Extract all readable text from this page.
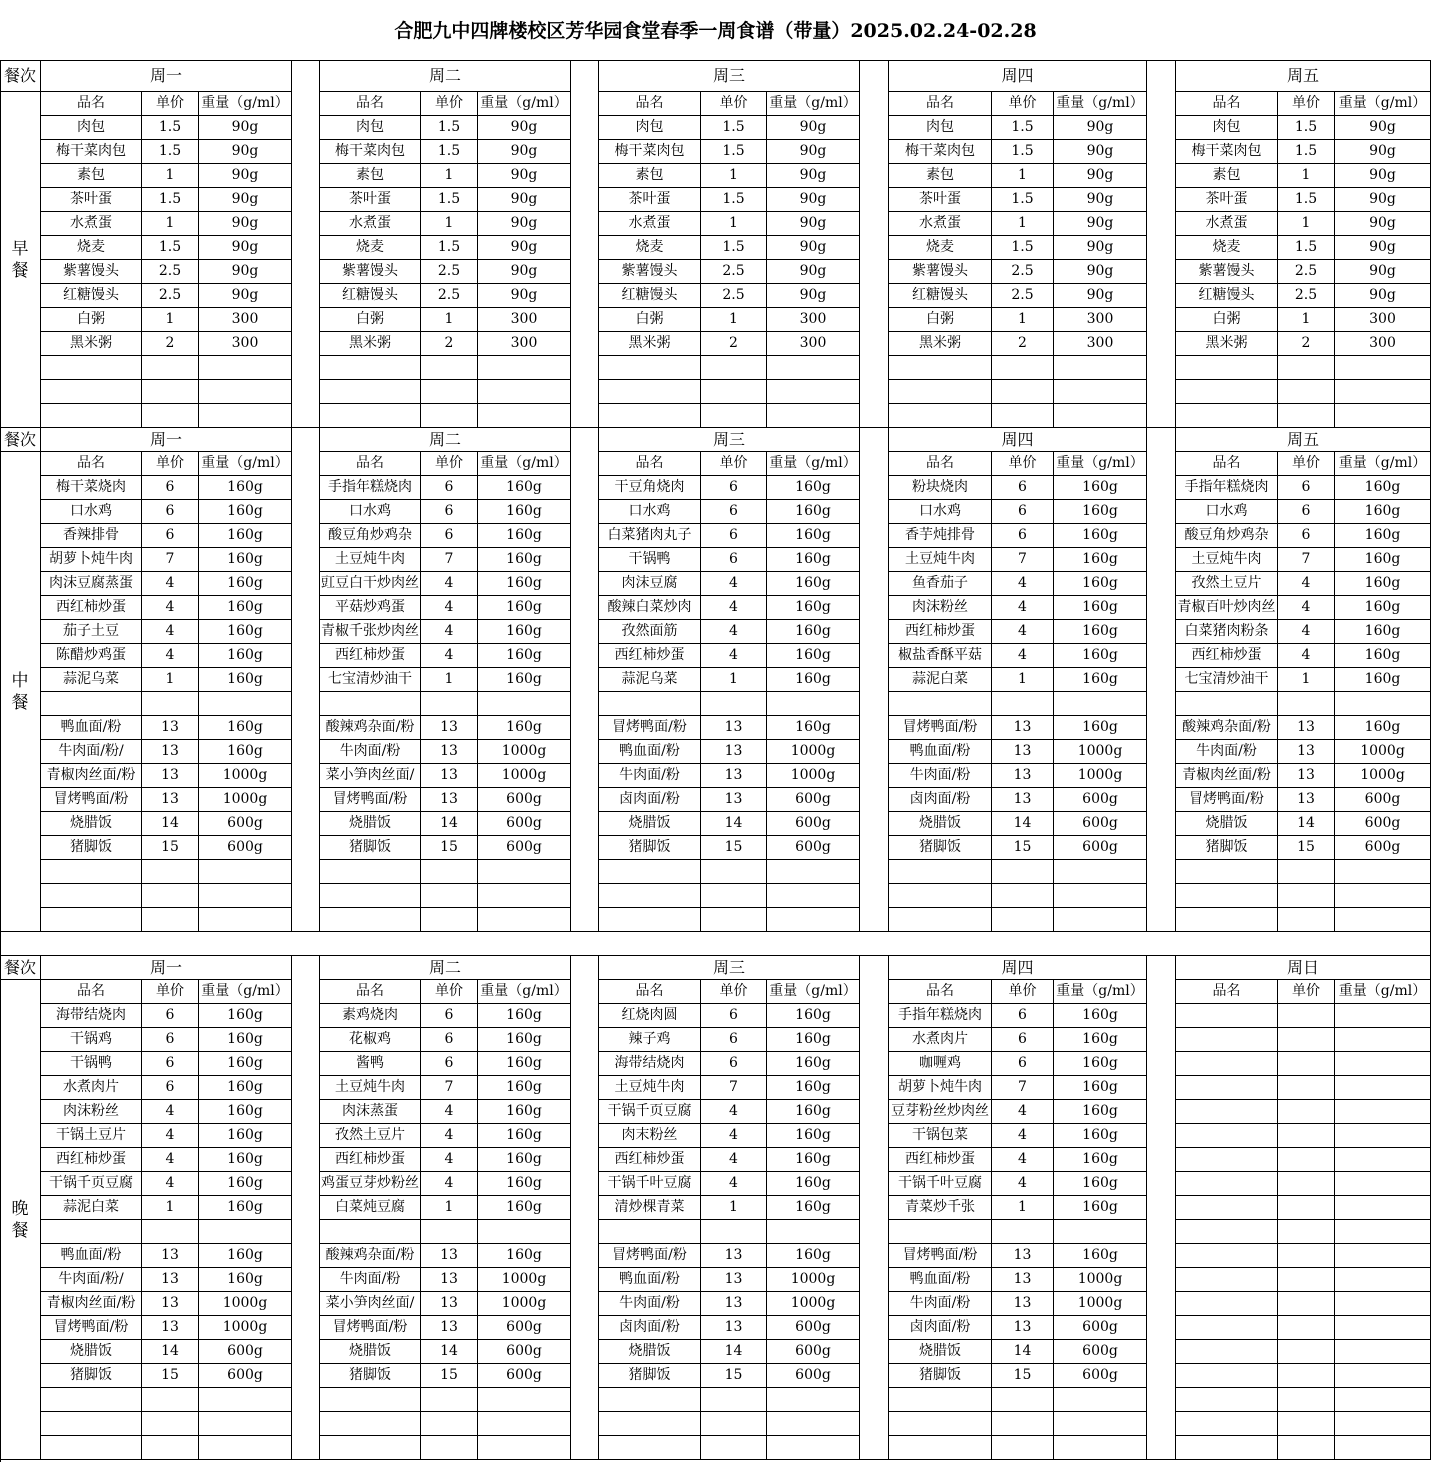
合肥九中四牌楼校区芳华园食堂春季一周食谱（带量）2025.02.24-02.28
餐次
早
餐
周一
品名	单价	重量（g/ml）
肉包	1.5	90g
梅干菜肉包	1.5	90g
素包	1	90g
茶叶蛋	1.5	90g
水煮蛋	1	90g
烧麦	1.5	90g
紫薯馒头	2.5	90g
红糖馒头	2.5	90g
白粥	1	300
黑米粥	2	300
周二
品名	单价	重量（g/ml）
肉包	1.5	90g
梅干菜肉包	1.5	90g
素包	1	90g
茶叶蛋	1.5	90g
水煮蛋	1	90g
烧麦	1.5	90g
紫薯馒头	2.5	90g
红糖馒头	2.5	90g
白粥	1	300
黑米粥	2	300
周三
品名	单价	重量（g/ml）
肉包	1.5	90g
梅干菜肉包	1.5	90g
素包	1	90g
茶叶蛋	1.5	90g
水煮蛋	1	90g
烧麦	1.5	90g
紫薯馒头	2.5	90g
红糖馒头	2.5	90g
白粥	1	300
黑米粥	2	300
周四
品名	单价	重量（g/ml）
肉包	1.5	90g
梅干菜肉包	1.5	90g
素包	1	90g
茶叶蛋	1.5	90g
水煮蛋	1	90g
烧麦	1.5	90g
紫薯馒头	2.5	90g
红糖馒头	2.5	90g
白粥	1	300
黑米粥	2	300
周五
品名	单价	重量（g/ml）
肉包	1.5	90g
梅干菜肉包	1.5	90g
素包	1	90g
茶叶蛋	1.5	90g
水煮蛋	1	90g
烧麦	1.5	90g
紫薯馒头	2.5	90g
红糖馒头	2.5	90g
白粥	1	300
黑米粥	2	300
餐次
中
餐
周一
品名	单价	重量（g/ml）
梅干菜烧肉	6	160g
口水鸡	6	160g
香辣排骨	6	160g
胡萝卜炖牛肉	7	160g
肉沫豆腐蒸蛋	4	160g
西红柿炒蛋	4	160g
茄子土豆	4	160g
陈醋炒鸡蛋	4	160g
蒜泥乌菜	1	160g
鸭血面/粉	13	160g
牛肉面/粉/	13	160g
青椒肉丝面/粉	13	1000g
冒烤鸭面/粉	13	1000g
烧腊饭	14	600g
猪脚饭	15	600g
周二
品名	单价	重量（g/ml）
手指年糕烧肉	6	160g
口水鸡	6	160g
酸豆角炒鸡杂	6	160g
土豆炖牛肉	7	160g
豇豆白干炒肉丝	4	160g
平菇炒鸡蛋	4	160g
青椒千张炒肉丝	4	160g
西红柿炒蛋	4	160g
七宝清炒油干	1	160g
酸辣鸡杂面/粉	13	160g
牛肉面/粉	13	1000g
菜小笋肉丝面/	13	1000g
冒烤鸭面/粉	13	600g
烧腊饭	14	600g
猪脚饭	15	600g
周三
品名	单价	重量（g/ml）
干豆角烧肉	6	160g
口水鸡	6	160g
白菜猪肉丸子	6	160g
干锅鸭	6	160g
肉沫豆腐	4	160g
酸辣白菜炒肉	4	160g
孜然面筋	4	160g
西红柿炒蛋	4	160g
蒜泥乌菜	1	160g
冒烤鸭面/粉	13	160g
鸭血面/粉	13	1000g
牛肉面/粉	13	1000g
卤肉面/粉	13	600g
烧腊饭	14	600g
猪脚饭	15	600g
周四
品名	单价	重量（g/ml）
粉块烧肉	6	160g
口水鸡	6	160g
香芋炖排骨	6	160g
土豆炖牛肉	7	160g
鱼香茄子	4	160g
肉沫粉丝	4	160g
西红柿炒蛋	4	160g
椒盐香酥平菇	4	160g
蒜泥白菜	1	160g
冒烤鸭面/粉	13	160g
鸭血面/粉	13	1000g
牛肉面/粉	13	1000g
卤肉面/粉	13	600g
烧腊饭	14	600g
猪脚饭	15	600g
周五
品名	单价	重量（g/ml）
手指年糕烧肉	6	160g
口水鸡	6	160g
酸豆角炒鸡杂	6	160g
土豆炖牛肉	7	160g
孜然土豆片	4	160g
青椒百叶炒肉丝	4	160g
白菜猪肉粉条	4	160g
西红柿炒蛋	4	160g
七宝清炒油干	1	160g
酸辣鸡杂面/粉	13	160g
牛肉面/粉	13	1000g
青椒肉丝面/粉	13	1000g
冒烤鸭面/粉	13	600g
烧腊饭	14	600g
猪脚饭	15	600g
餐次
晚
餐
周一
品名	单价	重量（g/ml）
海带结烧肉	6	160g
干锅鸡	6	160g
干锅鸭	6	160g
水煮肉片	6	160g
肉沫粉丝	4	160g
干锅土豆片	4	160g
西红柿炒蛋	4	160g
干锅千页豆腐	4	160g
蒜泥白菜	1	160g
鸭血面/粉	13	160g
牛肉面/粉/	13	160g
青椒肉丝面/粉	13	1000g
冒烤鸭面/粉	13	1000g
烧腊饭	14	600g
猪脚饭	15	600g
周二
品名	单价	重量（g/ml）
素鸡烧肉	6	160g
花椒鸡	6	160g
酱鸭	6	160g
土豆炖牛肉	7	160g
肉沫蒸蛋	4	160g
孜然土豆片	4	160g
西红柿炒蛋	4	160g
鸡蛋豆芽炒粉丝	4	160g
白菜炖豆腐	1	160g
酸辣鸡杂面/粉	13	160g
牛肉面/粉	13	1000g
菜小笋肉丝面/	13	1000g
冒烤鸭面/粉	13	600g
烧腊饭	14	600g
猪脚饭	15	600g
周三
品名	单价	重量（g/ml）
红烧肉圆	6	160g
辣子鸡	6	160g
海带结烧肉	6	160g
土豆炖牛肉	7	160g
干锅千页豆腐	4	160g
肉末粉丝	4	160g
西红柿炒蛋	4	160g
干锅千叶豆腐	4	160g
清炒棵青菜	1	160g
冒烤鸭面/粉	13	160g
鸭血面/粉	13	1000g
牛肉面/粉	13	1000g
卤肉面/粉	13	600g
烧腊饭	14	600g
猪脚饭	15	600g
周四
品名	单价	重量（g/ml）
手指年糕烧肉	6	160g
水煮肉片	6	160g
咖喱鸡	6	160g
胡萝卜炖牛肉	7	160g
豆芽粉丝炒肉丝	4	160g
干锅包菜	4	160g
西红柿炒蛋	4	160g
干锅千叶豆腐	4	160g
青菜炒千张	1	160g
冒烤鸭面/粉	13	160g
鸭血面/粉	13	1000g
牛肉面/粉	13	1000g
卤肉面/粉	13	600g
烧腊饭	14	600g
猪脚饭	15	600g
周日
品名	单价	重量（g/ml）
